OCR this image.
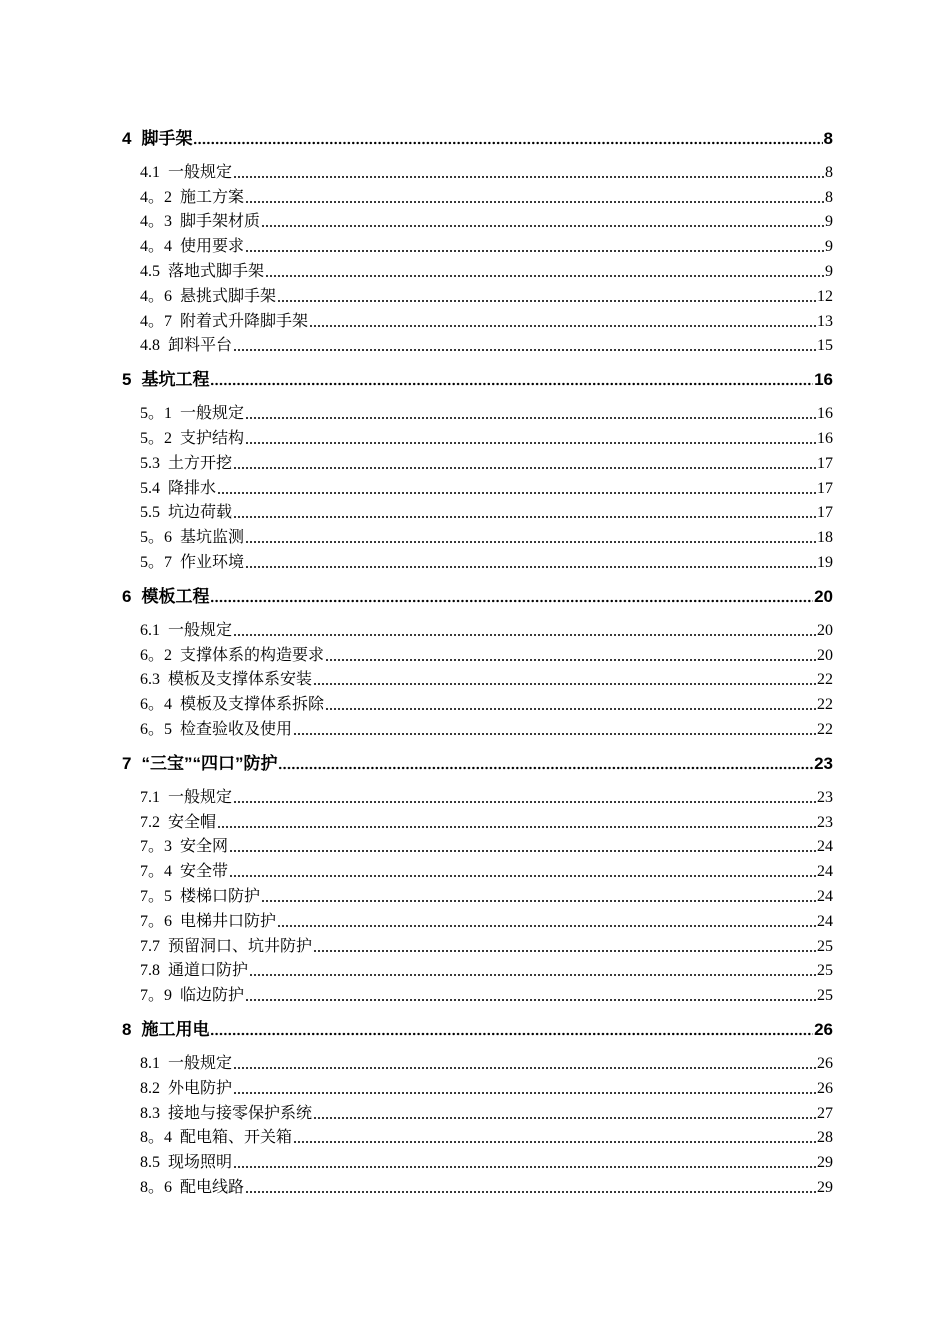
4 脚手架	8
4.1 一般规定	8
4。2 施工方案	8
4。3 脚手架材质	9
4。4 使用要求	9
4.5 落地式脚手架	9
4。6 悬挑式脚手架	12
4。7 附着式升降脚手架	13
4.8 卸料平台	15
5 基坑工程	16
5。1 一般规定	16
5。2 支护结构	16
5.3 土方开挖	17
5.4 降排水	17
5.5 坑边荷载	17
5。6 基坑监测	18
5。7 作业环境	19
6 模板工程	20
6.1 一般规定	20
6。2 支撑体系的构造要求	20
6.3 模板及支撑体系安装	22
6。4 模板及支撑体系拆除	22
6。5 检查验收及使用	22
7 “三宝”“四口”防护	23
7.1 一般规定	23
7.2 安全帽	23
7。3 安全网	24
7。4 安全带	24
7。5 楼梯口防护	24
7。6 电梯井口防护	24
7.7 预留洞口、坑井防护	25
7.8 通道口防护	25
7。9 临边防护	25
8 施工用电	26
8.1 一般规定	26
8.2 外电防护	26
8.3 接地与接零保护系统	27
8。4 配电箱、开关箱	28
8.5 现场照明	29
8。6 配电线路	29
